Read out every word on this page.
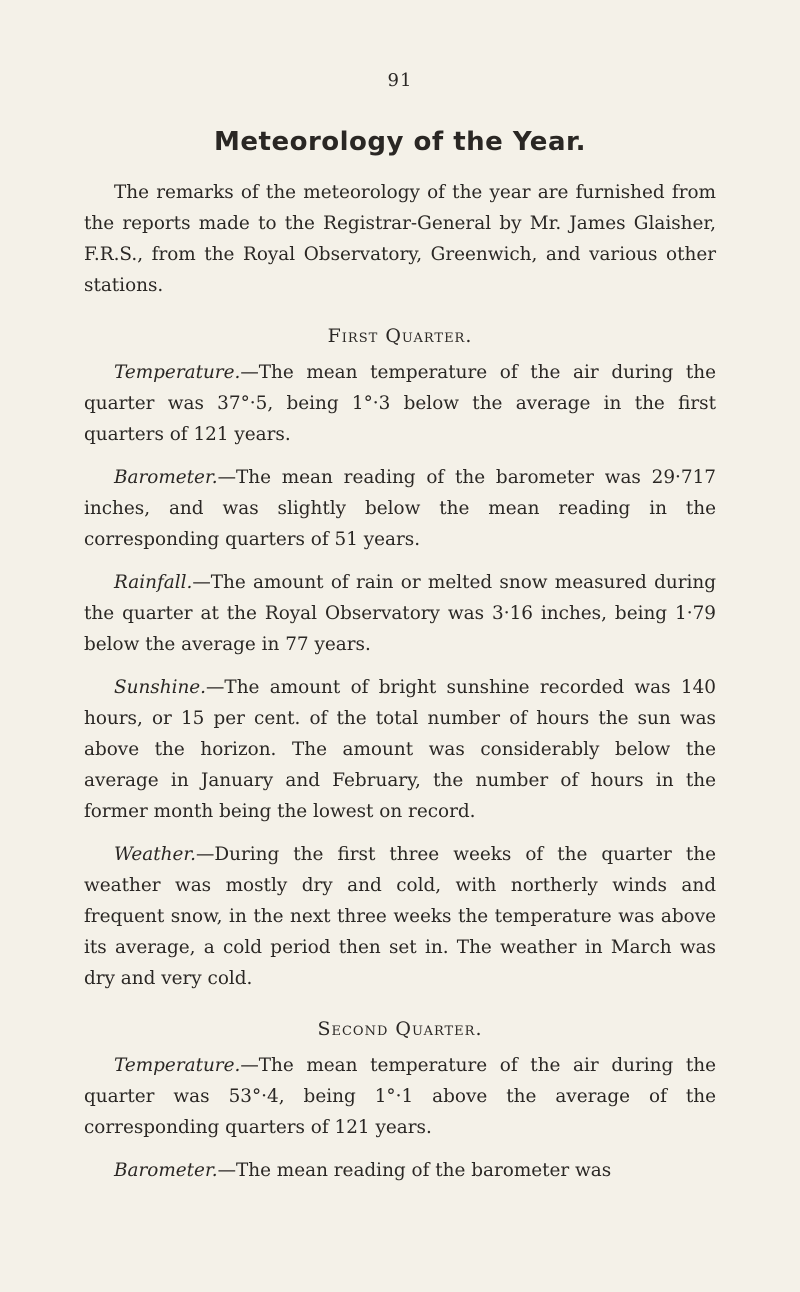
91
Meteorology of the Year.

The remarks of the meteorology of the year are furnished from the reports made to the Registrar-General by Mr. James Glaisher, F.R.S., from the Royal Observatory, Greenwich, and various other stations.

First Quarter.

Temperature.—The mean temperature of the air during the quarter was 37°·5, being 1°·3 below the average in the first quarters of 121 years.

Barometer.—The mean reading of the barometer was 29·717 inches, and was slightly below the mean reading in the corresponding quarters of 51 years.

Rainfall.—The amount of rain or melted snow measured during the quarter at the Royal Observatory was 3·16 inches, being 1·79 below the average in 77 years.

Sunshine.—The amount of bright sunshine recorded was 140 hours, or 15 per cent. of the total number of hours the sun was above the horizon. The amount was considerably below the average in January and February, the number of hours in the former month being the lowest on record.

Weather.—During the first three weeks of the quarter the weather was mostly dry and cold, with northerly winds and frequent snow, in the next three weeks the temperature was above its average, a cold period then set in. The weather in March was dry and very cold.

Second Quarter.

Temperature.—The mean temperature of the air during the quarter was 53°·4, being 1°·1 above the average of the corresponding quarters of 121 years.

Barometer.—The mean reading of the barometer was
